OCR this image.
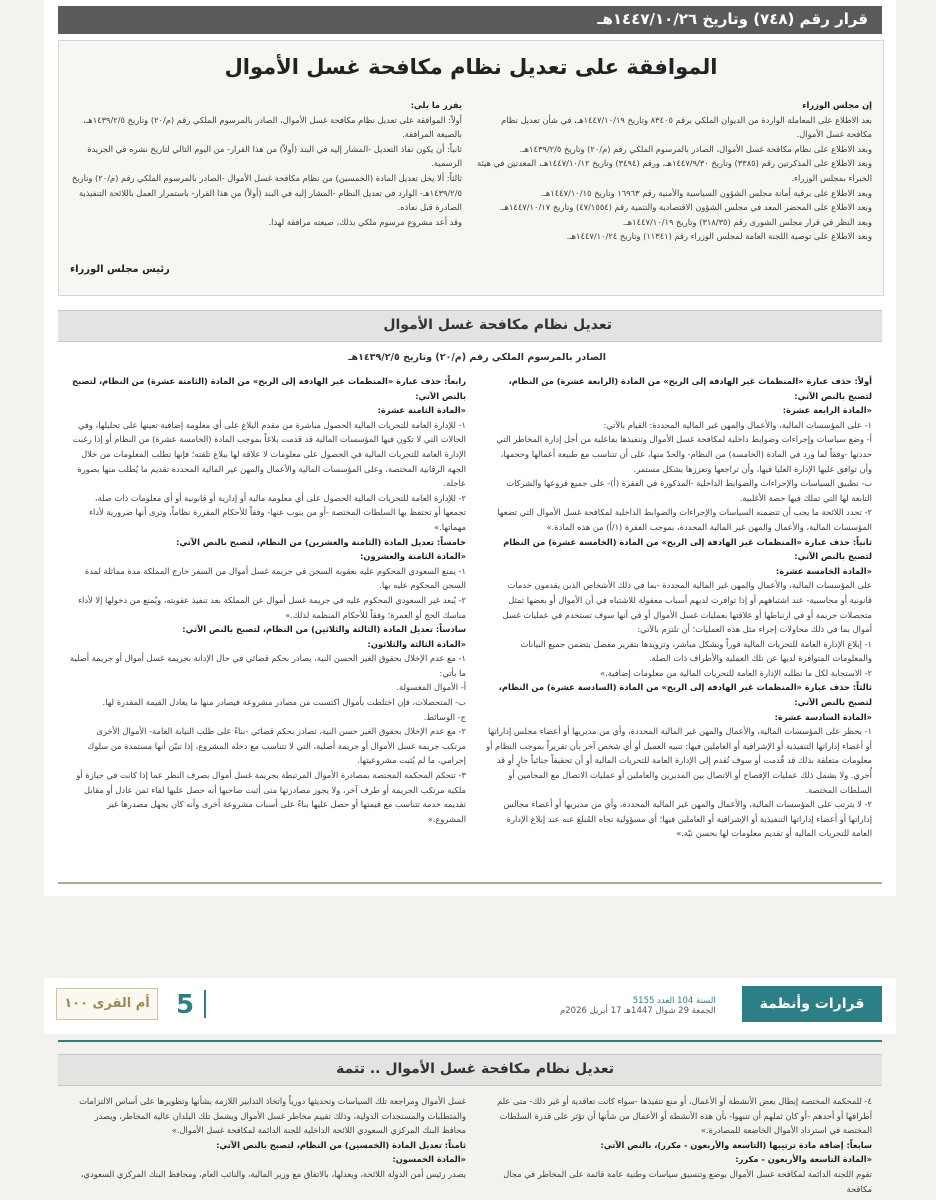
قرار رقم (٧٤٨) وتاريخ ١٤٤٧/١٠/٢٦هـ
الموافقة على تعديل نظام مكافحة غسل الأموال

إن مجلس الوزراء

بعد الاطلاع على المعاملة الواردة من الديوان الملكي برقم ٨٣٤٠٥ وتاريخ ١٤٤٧/١٠/١٩هـ، في شأن تعديل نظام مكافحة غسل الأموال.

وبعد الاطلاع على نظام مكافحة غسل الأموال، الصادر بالمرسوم الملكي رقم (م/٢٠) وتاريخ ١٤٣٩/٢/٥هـ.

وبعد الاطلاع على المذكرتين رقم (٣٣٨٥) وتاريخ ١٤٤٧/٩/٣٠هـ، ورقم (٣٤٩٤) وتاريخ ١٤٤٧/١٠/١٢هـ، المعدتين في هيئة الخبراء بمجلس الوزراء.

وبعد الاطلاع على برقية أمانة مجلس الشؤون السياسية والأمنية رقم ١٦٩٦٣ وتاريخ ١٤٤٧/١٠/١٥هـ.

وبعد الاطلاع على المحضر المعد في مجلس الشؤون الاقتصادية والتنمية رقم (٤٧/١٥٥٤) وتاريخ ١٤٤٧/١٠/١٧هـ.

وبعد النظر في قرار مجلس الشورى رقم (٣١٨/٣٥) وتاريخ ١٤٤٧/١٠/١٩هـ.

وبعد الاطلاع على توصية اللجنة العامة لمجلس الوزراء رقم (١١٣٤١) وتاريخ ١٤٤٧/١٠/٢٤هـ.

يقرر ما يلي:

أولاً: الموافقة على تعديل نظام مكافحة غسل الأموال، الصادر بالمرسوم الملكي رقم (م/٢٠) وتاريخ ١٤٣٩/٢/٥هـ، بالصيغة المرافقة.

ثانياً: أن يكون نفاذ التعديل -المشار إليه في البند (أولاً) من هذا القرار- من اليوم التالي لتاريخ نشره في الجريدة الرسمية.

ثالثاً: ألا يخل تعديل المادة (الخمسين) من نظام مكافحة غسل الأموال -الصادر بالمرسوم الملكي رقم (م/٢٠) وتاريخ ١٤٣٩/٢/٥هـ- الوارد في تعديل النظام -المشار إليه في البند (أولاً) من هذا القرار- باستمرار العمل باللائحة التنفيذية الصادرة قبل نفاذه.

وقد أعد مشروع مرسوم ملكي بذلك، صيغته مرافقة لهذا.

رئيس مجلس الوزراء
تعديل نظام مكافحة غسل الأموال
الصادر بالمرسوم الملكي رقم (م/٢٠) وتاريخ ١٤٣٩/٢/٥هـ

أولاً: حذف عبارة «المنظمات غير الهادفة إلى الربح» من المادة (الرابعة عشرة) من النظام، لتصبح بالنص الآتي:

«المادة الرابعة عشرة:

١- على المؤسسات المالية، والأعمال والمهن غير المالية المحددة: القيام بالآتي:

أ- وضع سياسات وإجراءات وضوابط داخلية لمكافحة غسل الأموال وتنفيذها بفاعلية من أجل إدارة المخاطر التي حددتها -وفقاً لما ورد في المادة (الخامسة) من النظام- والحدّ منها، على أن تتناسب مع طبيعة أعمالها وحجمها، وأن توافق عليها الإدارة العليا فيها، وأن تراجعها وتعززها بشكل مستمر.

ب- تطبيق السياسات والإجراءات والضوابط الداخلية -المذكورة في الفقرة (أ)- على جميع فروعها والشركات التابعة لها التي تملك فيها حصة الأغلبية.

٢- تحدد اللائحة ما يجب أن تتضمنه السياسات والإجراءات والضوابط الداخلية لمكافحة غسل الأموال التي تضعها المؤسسات المالية، والأعمال والمهن غير المالية المحددة، بموجب الفقرة (١/أ) من هذه المادة.»

ثانياً: حذف عبارة «المنظمات غير الهادفة إلى الربح» من المادة (الخامسة عشرة) من النظام لتصبح بالنص الآتي:

«المادة الخامسة عشرة:

على المؤسسات المالية، والأعمال والمهن غير المالية المحددة -بما في ذلك الأشخاص الذين يقدمون خدمات قانونية أو محاسبية- عند اشتباههم أو إذا توافرت لديهم أسباب معقولة للاشتباه في أن الأموال أو بعضها تمثل متحصلات جريمة أو في ارتباطها أو علاقتها بعمليات غسل الأموال أو في أنها سوف تستخدم في عمليات غسل أموال بما في ذلك محاولات إجراء مثل هذه العمليات؛ أن تلتزم بالآتي:

١- إبلاغ الإدارة العامة للتحريات المالية فوراً وبشكل مباشر، وتزويدها بتقرير مفصل يتضمن جميع البيانات والمعلومات المتوافرة لديها عن تلك العملية والأطراف ذات الصلة.

٢- الاستجابة لكل ما تطلبه الإدارة العامة للتحريات المالية من معلومات إضافية.»

ثالثاً: حذف عبارة «المنظمات غير الهادفة إلى الربح» من المادة (السادسة عشرة) من النظام، لتصبح بالنص الآتي:

«المادة السادسة عشرة:

١- يحظر على المؤسسات المالية، والأعمال والمهن غير المالية المحددة، وأي من مديريها أو أعضاء مجلس إداراتها أو أعضاء إداراتها التنفيذية أو الإشرافية أو العاملين فيها: تنبيه العميل أو أي شخص آخر بأن تقريراً بموجب النظام أو معلومات متعلقة بذلك قد قُدمت أو سوف تُقدم إلى الإدارة العامة للتحريات المالية أو أن تحقيقاً جنائياً جارٍ أو قد أُجري. ولا يشمل ذلك عمليات الإفصاح أو الاتصال بين المديرين والعاملين أو عمليات الاتصال مع المحامين أو السلطات المختصة.

٢- لا يترتب على المؤسسات المالية، والأعمال والمهن غير المالية المحددة، وأي من مديريها أو أعضاء مجالس إداراتها أو أعضاء إداراتها التنفيذية أو الإشرافية أو العاملين فيها؛ أي مسؤولية تجاه المُبلغ عنه عند إبلاغ الإدارة العامة للتحريات المالية أو تقديم معلومات لها بحسن نيّة.»

رابعاً: حذف عبارة «المنظمات غير الهادفة إلى الربح» من المادة (الثامنة عشرة) من النظام، لتصبح بالنص الآتي:

«المادة الثامنة عشرة:

١- للإدارة العامة للتحريات المالية الحصول مباشرة من مقدم البلاغ على أي معلومة إضافية تعينها على تحليلها، وفي الحالات التي لا تكون فيها المؤسسات المالية قد قدمت بلاغاً بموجب المادة (الخامسة عشرة) من النظام أو إذا رغبت الإدارة العامة للتحريات المالية في الحصول على معلومات لا علاقة لها ببلاغ تلقته؛ فإنها تطلب المعلومات من خلال الجهة الرقابية المختصة، وعلى المؤسسات المالية والأعمال والمهن غير المالية المحددة تقديم ما يُطلب منها بصورة عاجلة.

٢- للإدارة العامة للتحريات المالية الحصول على أي معلومة مالية أو إدارية أو قانونية أو أي معلومات ذات صلة، تجمعها أو تحتفظ بها السلطات المختصة -أو من ينوب عنها- وفقاً للأحكام المقررة نظاماً، وترى أنها ضرورية لأداء مهماتها.»

خامساً: تعديل المادة (الثامنة والعشرين) من النظام، لتصبح بالنص الآتي:

«المادة الثامنة والعشرون:

١- يمنع السعودي المحكوم عليه بعقوبة السجن في جريمة غسل أموال من السفر خارج المملكة مدة مماثلة لمدة السجن المحكوم عليه بها.

٢- يُبعد غير السعودي المحكوم عليه في جريمة غسل أموال عن المملكة بعد تنفيذ عقوبته، ويُمنع من دخولها إلا لأداء مناسك الحج أو العمرة؛ وفقاً للأحكام المنظمة لذلك.»

سادساً: تعديل المادة (الثالثة والثلاثين) من النظام، لتصبح بالنص الآتي:

«المادة الثالثة والثلاثون:

١- مع عدم الإخلال بحقوق الغير الحسن النية، يصادر بحكم قضائي في حال الإدانة بجريمة غسل أموال أو جريمة أصلية ما يأتي:

أ- الأموال المغسولة.

ب- المتحصلات، فإن اختلطت بأموال اكتسبت من مصادر مشروعة فيصادر منها ما يعادل القيمة المقدرة لها.

ج- الوسائط.

٢- مع عدم الإخلال بحقوق الغير حسن النية، تصادر بحكم قضائي -بناءً على طلب النيابة العامة- الأموال الأخرى مرتكب جريمة غسل الأموال أو جريمة أصلية، التي لا تتناسب مع دخله المشروع، إذا تبيّن أنها مستمدة من سلوك إجرامي، ما لم يُثبت مشروعيتها.

٣- تتحكم المحكمة المختصة بمصادرة الأموال المرتبطة بجريمة غسل أموال بصرف النظر عما إذا كانت في حيازة أو ملكية مرتكب الجريمة أو طرف آخر، ولا يجوز مصادرتها متى أثبت صاحبها أنه حصل عليها لقاء ثمن عادل أو مقابل تقديمه خدمة تتناسب مع قيمتها أو حصل عليها بناءً على أسباب مشروعة أخرى وأنه كان يجهل مصدرها غير المشروع.»

أم القرى ١٠٠	5	السنة 104 العدد 5155
الجمعة 29 شوال 1447هـ 17 أبريل 2026م	قرارات وأنظمة
تعديل نظام مكافحة غسل الأموال .. تتمة

٤- للمحكمة المختصة إبطال بعض الأنشطة أو الأعمال، أو منع تنفيذها -سواء كانت تعاقدية أو غير ذلك- متى علم أطرافها أو أحدهم -أو كان ثملهم أن تنبهوا- بأن هذه الأنشطة أو الأعمال من شأنها أن تؤثر على قدرة السلطات المختصة في استرداد الأموال الخاضعة للمصادرة.»

سابعاً: إضافة مادة ترتيبها (التاسعة والأربعون - مكرر)، بالنص الآتي:

«المادة التاسعة والأربعون - مكرر:

تقوم اللجنة الدائمة لمكافحة غسل الأموال بوضع وتنسيق سياسات وطنية عامة قائمة على المخاطر في مجال مكافحة

غسل الأموال ومراجعة تلك السياسات وتحديثها دورياً واتخاذ التدابير اللازمة بشأنها وتطويرها على أساس الالتزامات والمتطلبات والمستجدات الدولية، وذلك تقييم مخاطر غسل الأموال ويشمل تلك البلدان عالية المخاطر، ويصدر محافظ البنك المركزي السعودي اللائحة الداخلية للجنة الدائمة لمكافحة غسل الأموال.»

ثامناً: تعديل المادة (الخمسين) من النظام، لتصبح بالنص الآتي:

«المادة الخمسون:

يصدر رئيس أمن الدولة اللائحة، ويعدلها، بالاتفاق مع وزير المالية، والنائب العام، ومحافظ البنك المركزي السعودي،
